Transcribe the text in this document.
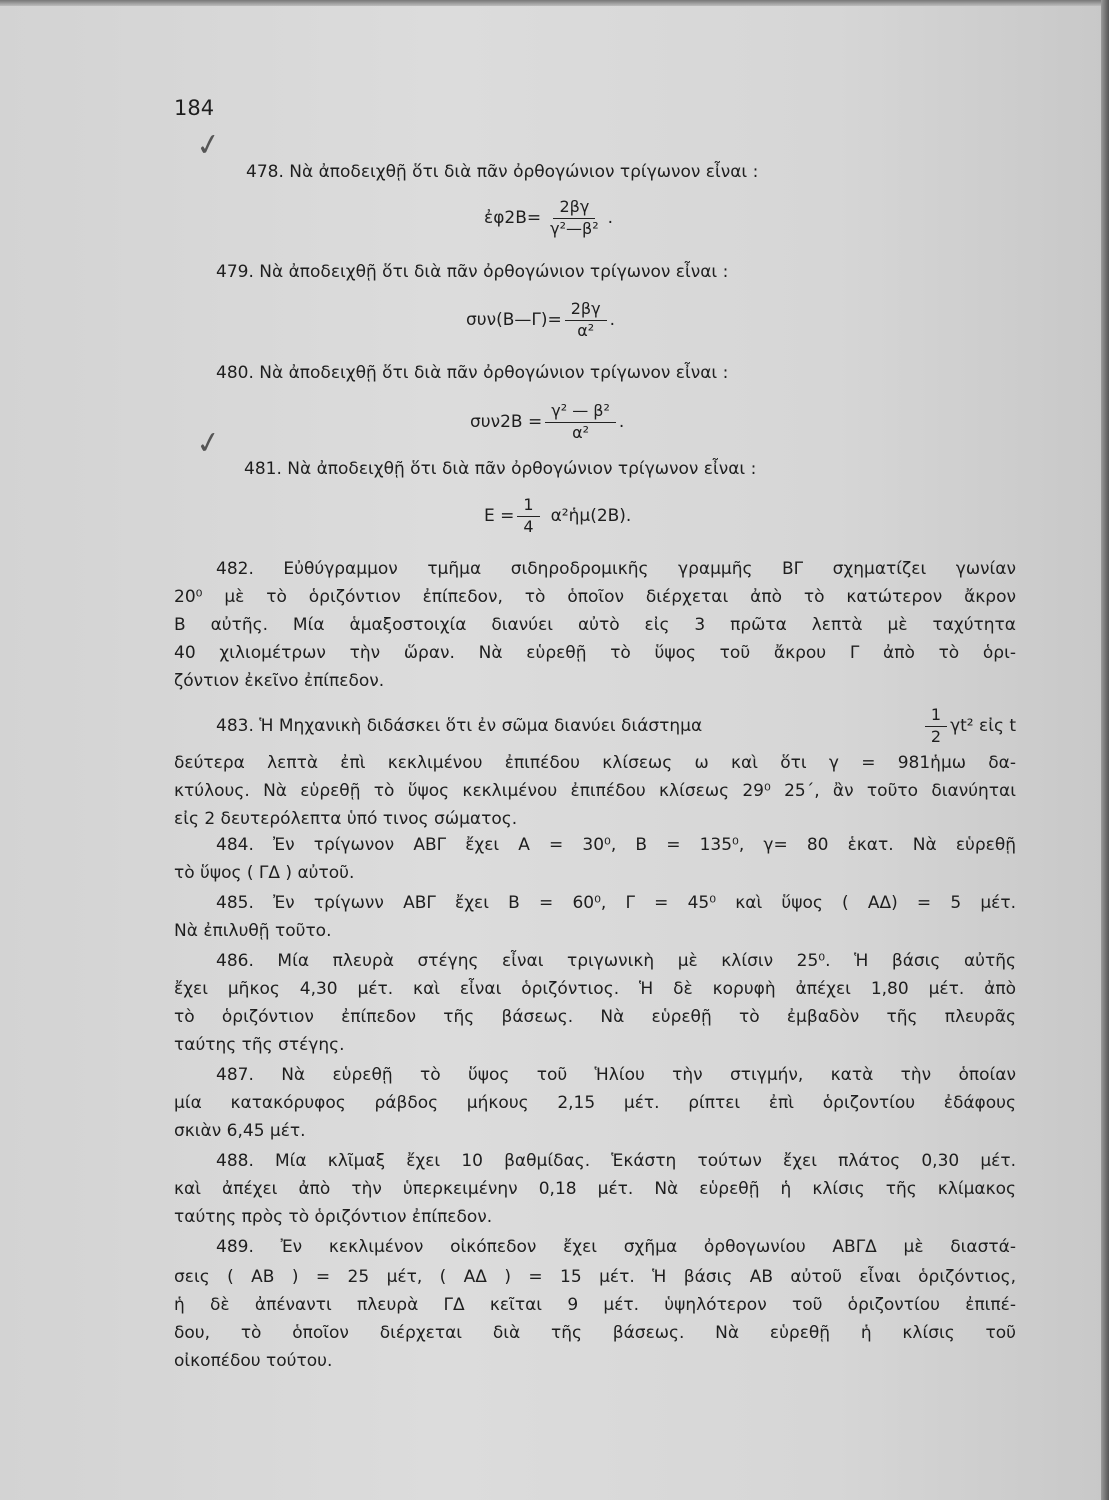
184
✓
✓
478. Νὰ ἀποδειχθῇ ὅτι διὰ πᾶν ὀρθογώνιον τρίγωνον εἶναι :
ἐφ2Β= $\frac{2\beta\gamma}{\text{γ²—β²}}$ .
479. Νὰ ἀποδειχθῇ ὅτι διὰ πᾶν ὀρθογώνιον τρίγωνον εἶναι :
συν(Β—Γ)= $\frac{2\beta\gamma}{\text{α²}}$ .
480. Νὰ ἀποδειχθῇ ὅτι διὰ πᾶν ὀρθογώνιον τρίγωνον εἶναι :
$\sigma\upsilon\nu 2B = \frac{\text{γ² — β²}}{\text{α²}}$ .
481. Νὰ ἀποδειχθῇ ὅτι διὰ πᾶν ὀρθογώνιον τρίγωνον εἶναι :
$E = \frac{1}{4}$ α²ἡμ(2Β).
482. Εὐθύγραμμον τμῆμα σιδηροδρομικῆς γραμμῆς ΒΓ σχηματίζει γωνίαν
20⁰ μὲ τὸ ὁριζόντιον ἐπίπεδον, τὸ ὁποῖον διέρχεται ἀπὸ τὸ κατώτερον ἄκρον
Β αὐτῆς. Μία ἁμαξοστοιχία διανύει αὐτὸ εἰς 3 πρῶτα λεπτὰ μὲ ταχύτητα
40 χιλιομέτρων τὴν ὥραν. Νὰ εὑρεθῇ τὸ ὕψος τοῦ ἄκρου Γ ἀπὸ τὸ ὁρι-
ζόντιον ἐκεῖνο ἐπίπεδον.
483. Ἡ Μηχανικὴ διδάσκει ὅτι ἐν σῶμα διανύει διάστημα	$\frac{1}{2} \gamma t^2$ εἰς t
δεύτερα λεπτὰ ἐπὶ κεκλιμένου ἐπιπέδου κλίσεως ω καὶ ὅτι γ = 981ἡμω δα-
κτύλους. Νὰ εὑρεθῇ τὸ ὕψος κεκλιμένου ἐπιπέδου κλίσεως 29⁰ 25΄, ἂν τοῦτο διανύηται
εἰς 2 δευτερόλεπτα ὑπό τινος σώματος.
484. Ἐν τρίγωνον ΑΒΓ ἔχει Α = 30⁰, Β = 135⁰, γ= 80 ἑκατ. Νὰ εὑρεθῇ
τὸ ὕψος ( ΓΔ ) αὐτοῦ.
485. Ἐν τρίγωνν ΑΒΓ ἔχει Β = 60⁰, Γ = 45⁰ καὶ ὕψος ( ΑΔ) = 5 μέτ.
Νὰ ἐπιλυθῇ τοῦτο.
486. Μία πλευρὰ στέγης εἶναι τριγωνικὴ μὲ κλίσιν 25⁰. Ἡ βάσις αὐτῆς
ἔχει μῆκος 4,30 μέτ. καὶ εἶναι ὁριζόντιος. Ἡ δὲ κορυφὴ ἀπέχει 1,80 μέτ. ἀπὸ
τὸ ὁριζόντιον ἐπίπεδον τῆς βάσεως. Νὰ εὑρεθῇ τὸ ἐμβαδὸν τῆς πλευρᾶς
ταύτης τῆς στέγης.
487. Νὰ εὑρεθῇ τὸ ὕψος τοῦ Ἡλίου τὴν στιγμήν, κατὰ τὴν ὁποίαν
μία κατακόρυφος ράβδος μήκους 2,15 μέτ. ρίπτει ἐπὶ ὁριζοντίου ἐδάφους
σκιὰν 6,45 μέτ.
488. Μία κλῖμαξ ἔχει 10 βαθμίδας. Ἑκάστη τούτων ἔχει πλάτος 0,30 μέτ.
καὶ ἀπέχει ἀπὸ τὴν ὑπερκειμένην 0,18 μέτ. Νὰ εὑρεθῇ ἡ κλίσις τῆς κλίμακος
ταύτης πρὸς τὸ ὁριζόντιον ἐπίπεδον.
489. Ἐν κεκλιμένον οἰκόπεδον ἔχει σχῆμα ὀρθογωνίου ΑΒΓΔ μὲ διαστά-
σεις ( ΑΒ ) = 25 μέτ, ( ΑΔ ) = 15 μέτ. Ἡ βάσις ΑΒ αὐτοῦ εἶναι ὁριζόντιος,
ἡ δὲ ἀπέναντι πλευρὰ ΓΔ κεῖται 9 μέτ. ὑψηλότερον τοῦ ὁριζοντίου ἐπιπέ-
δου, τὸ ὁποῖον διέρχεται διὰ τῆς βάσεως. Νὰ εὑρεθῇ ἡ κλίσις τοῦ
οἰκοπέδου τούτου.
